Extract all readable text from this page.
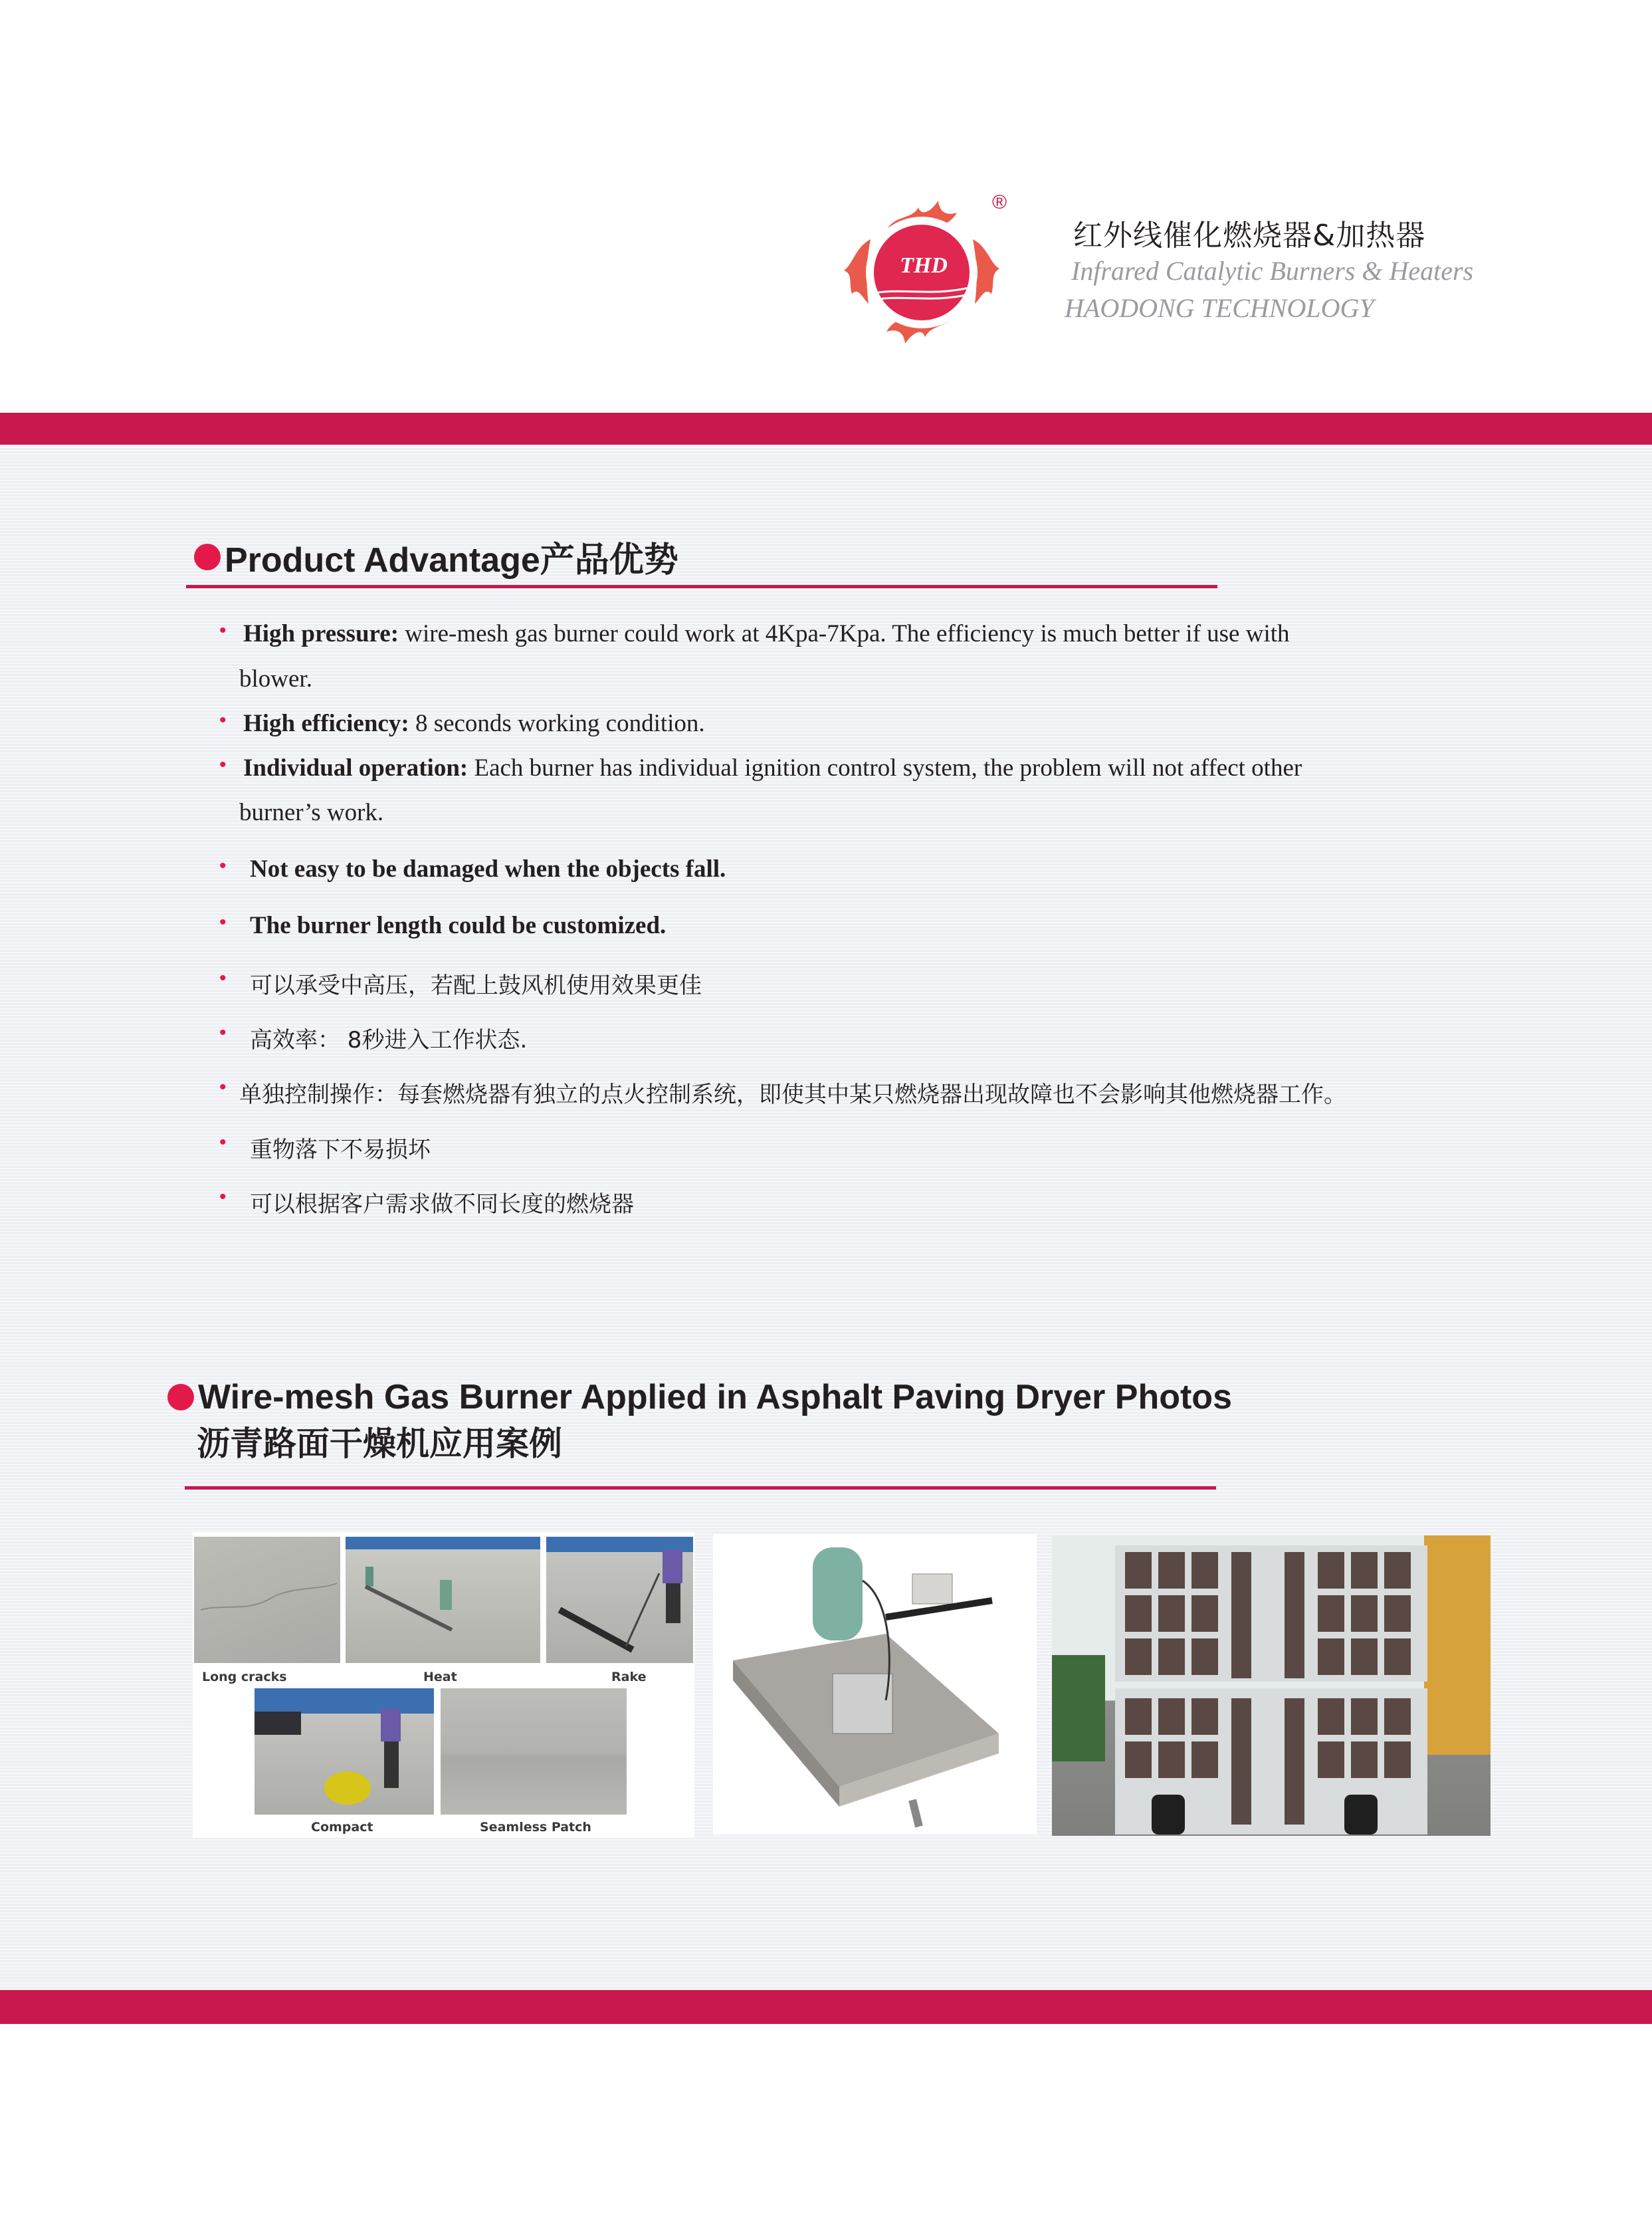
THD
®
红外线催化燃烧器&加热器
Infrared Catalytic Burners & Heaters
HAODONG TECHNOLOGY
Product Advantage产品优势
• High pressure: wire-mesh gas burner could work at 4Kpa-7Kpa. The efficiency is much better if use with
blower.
• High efficiency: 8 seconds working condition.
• Individual operation: Each burner has individual ignition control system, the problem will not affect other
burner’s work.
• Not easy to be damaged when the objects fall.
• The burner length could be customized.
• 可以承受中高压，若配上鼓风机使用效果更佳
• 高效率： 8秒进入工作状态.
• 单独控制操作：每套燃烧器有独立的点火控制系统，即使其中某只燃烧器出现故障也不会影响其他燃烧器工作。
• 重物落下不易损坏
• 可以根据客户需求做不同长度的燃烧器
Wire-mesh Gas Burner Applied in Asphalt Paving Dryer Photos
沥青路面干燥机应用案例
Long cracks	Heat	Rake
Compact	Seamless Patch
